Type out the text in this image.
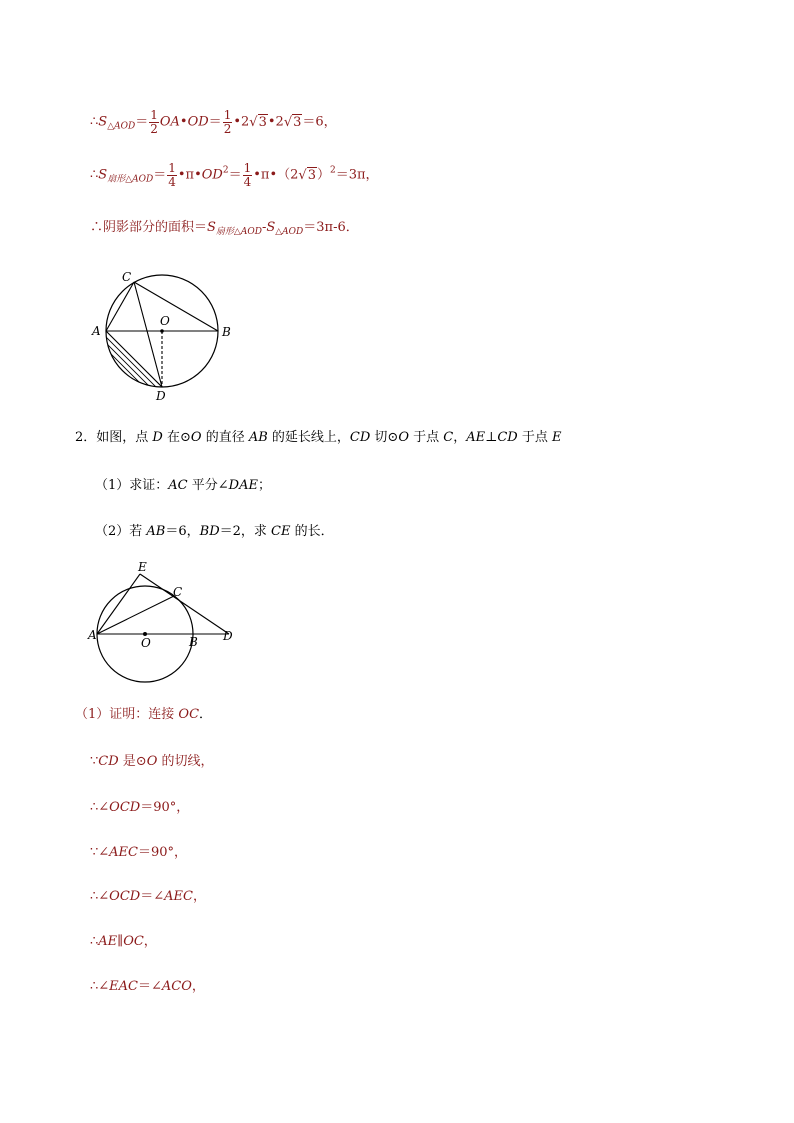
$\therefore S_{\triangle AOD}= \frac{1}{2}$ OA•OD＝ $\frac{1}{2}$ •2√3•2√3＝6，
$\therefore S_{扇形\triangle AOD}= \frac{1}{4}$ $•\pi•OD^2= \frac{1}{4}$ $•\pi•(2√3)^2=3\pi$，
∴阴影部分的面积$=S_{扇形\triangle AOD}-S_{\triangle AOD}=3\pi-6$．
C
A	B
O
D
2．如图，点 D 在⊙O 的直径 AB 的延长线上，CD 切⊙O 于点 C，AE⊥CD 于点 E
（1）求证：AC 平分∠DAE；
（2）若 AB＝6，BD＝2，求 CE 的长．
E
C
A
O	B D
（1）证明：连接 OC．
∵CD 是⊙O 的切线，
∴∠OCD＝90°，
∵∠AEC＝90°，
∴∠OCD＝∠AEC，
∴AE∥OC，
∴∠EAC＝∠ACO，
